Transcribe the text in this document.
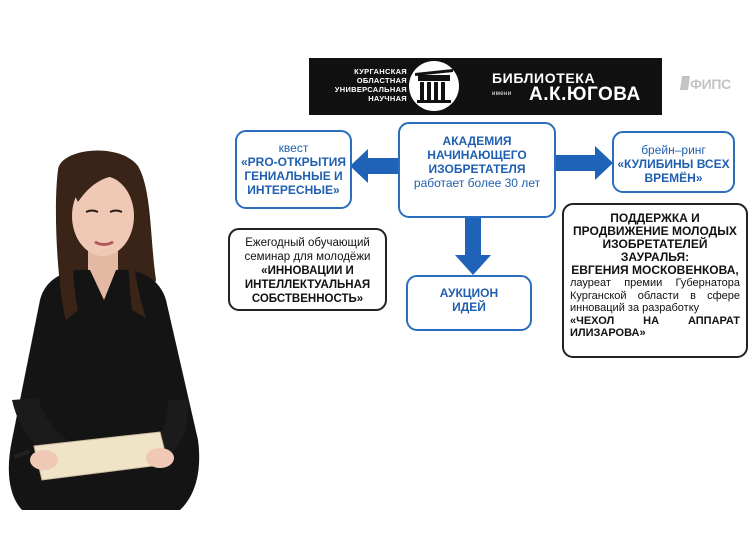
КУРГАНСКАЯ
ОБЛАСТНАЯ
УНИВЕРСАЛЬНАЯ
НАУЧНАЯ
БИБЛИОТЕКА
имени А.К.ЮГОВА	ФИПС
АКАДЕМИЯ
НАЧИНАЮЩЕГО
ИЗОБРЕТАТЕЛЯ
работает более 30 лет
квест
«PRO-ОТКРЫТИЯ
ГЕНИАЛЬНЫЕ И
ИНТЕРЕСНЫЕ»
брейн–ринг
«КУЛИБИНЫ ВСЕХ
ВРЕМЁН»
Ежегодный обучающий
семинар для молодёжи
«ИННОВАЦИИ И
ИНТЕЛЛЕКТУАЛЬНАЯ
СОБСТВЕННОСТЬ»	АУКЦИОН
ИДЕЙ
ПОДДЕРЖКА И
ПРОДВИЖЕНИЕ МОЛОДЫХ
ИЗОБРЕТАТЕЛЕЙ
ЗАУРАЛЬЯ:
ЕВГЕНИЯ МОСКОВЕНКОВА,
лауреат премии Губернатора Курганской области в сфере инноваций за разработку
«ЧЕХОЛ НА АППАРАТ ИЛИЗАРОВА»
